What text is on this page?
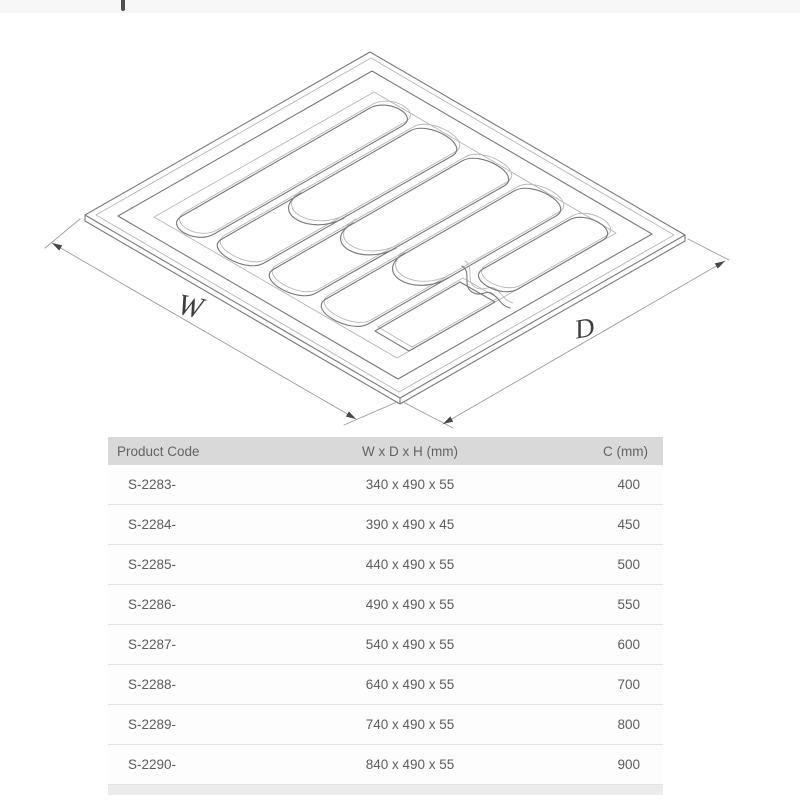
W
D
Product Code	W x D x H (mm)	C (mm)
S-2283-	340 x 490 x 55	400
S-2284-	390 x 490 x 45	450
S-2285-	440 x 490 x 55	500
S-2286-	490 x 490 x 55	550
S-2287-	540 x 490 x 55	600
S-2288-	640 x 490 x 55	700
S-2289-	740 x 490 x 55	800
S-2290-	840 x 490 x 55	900
